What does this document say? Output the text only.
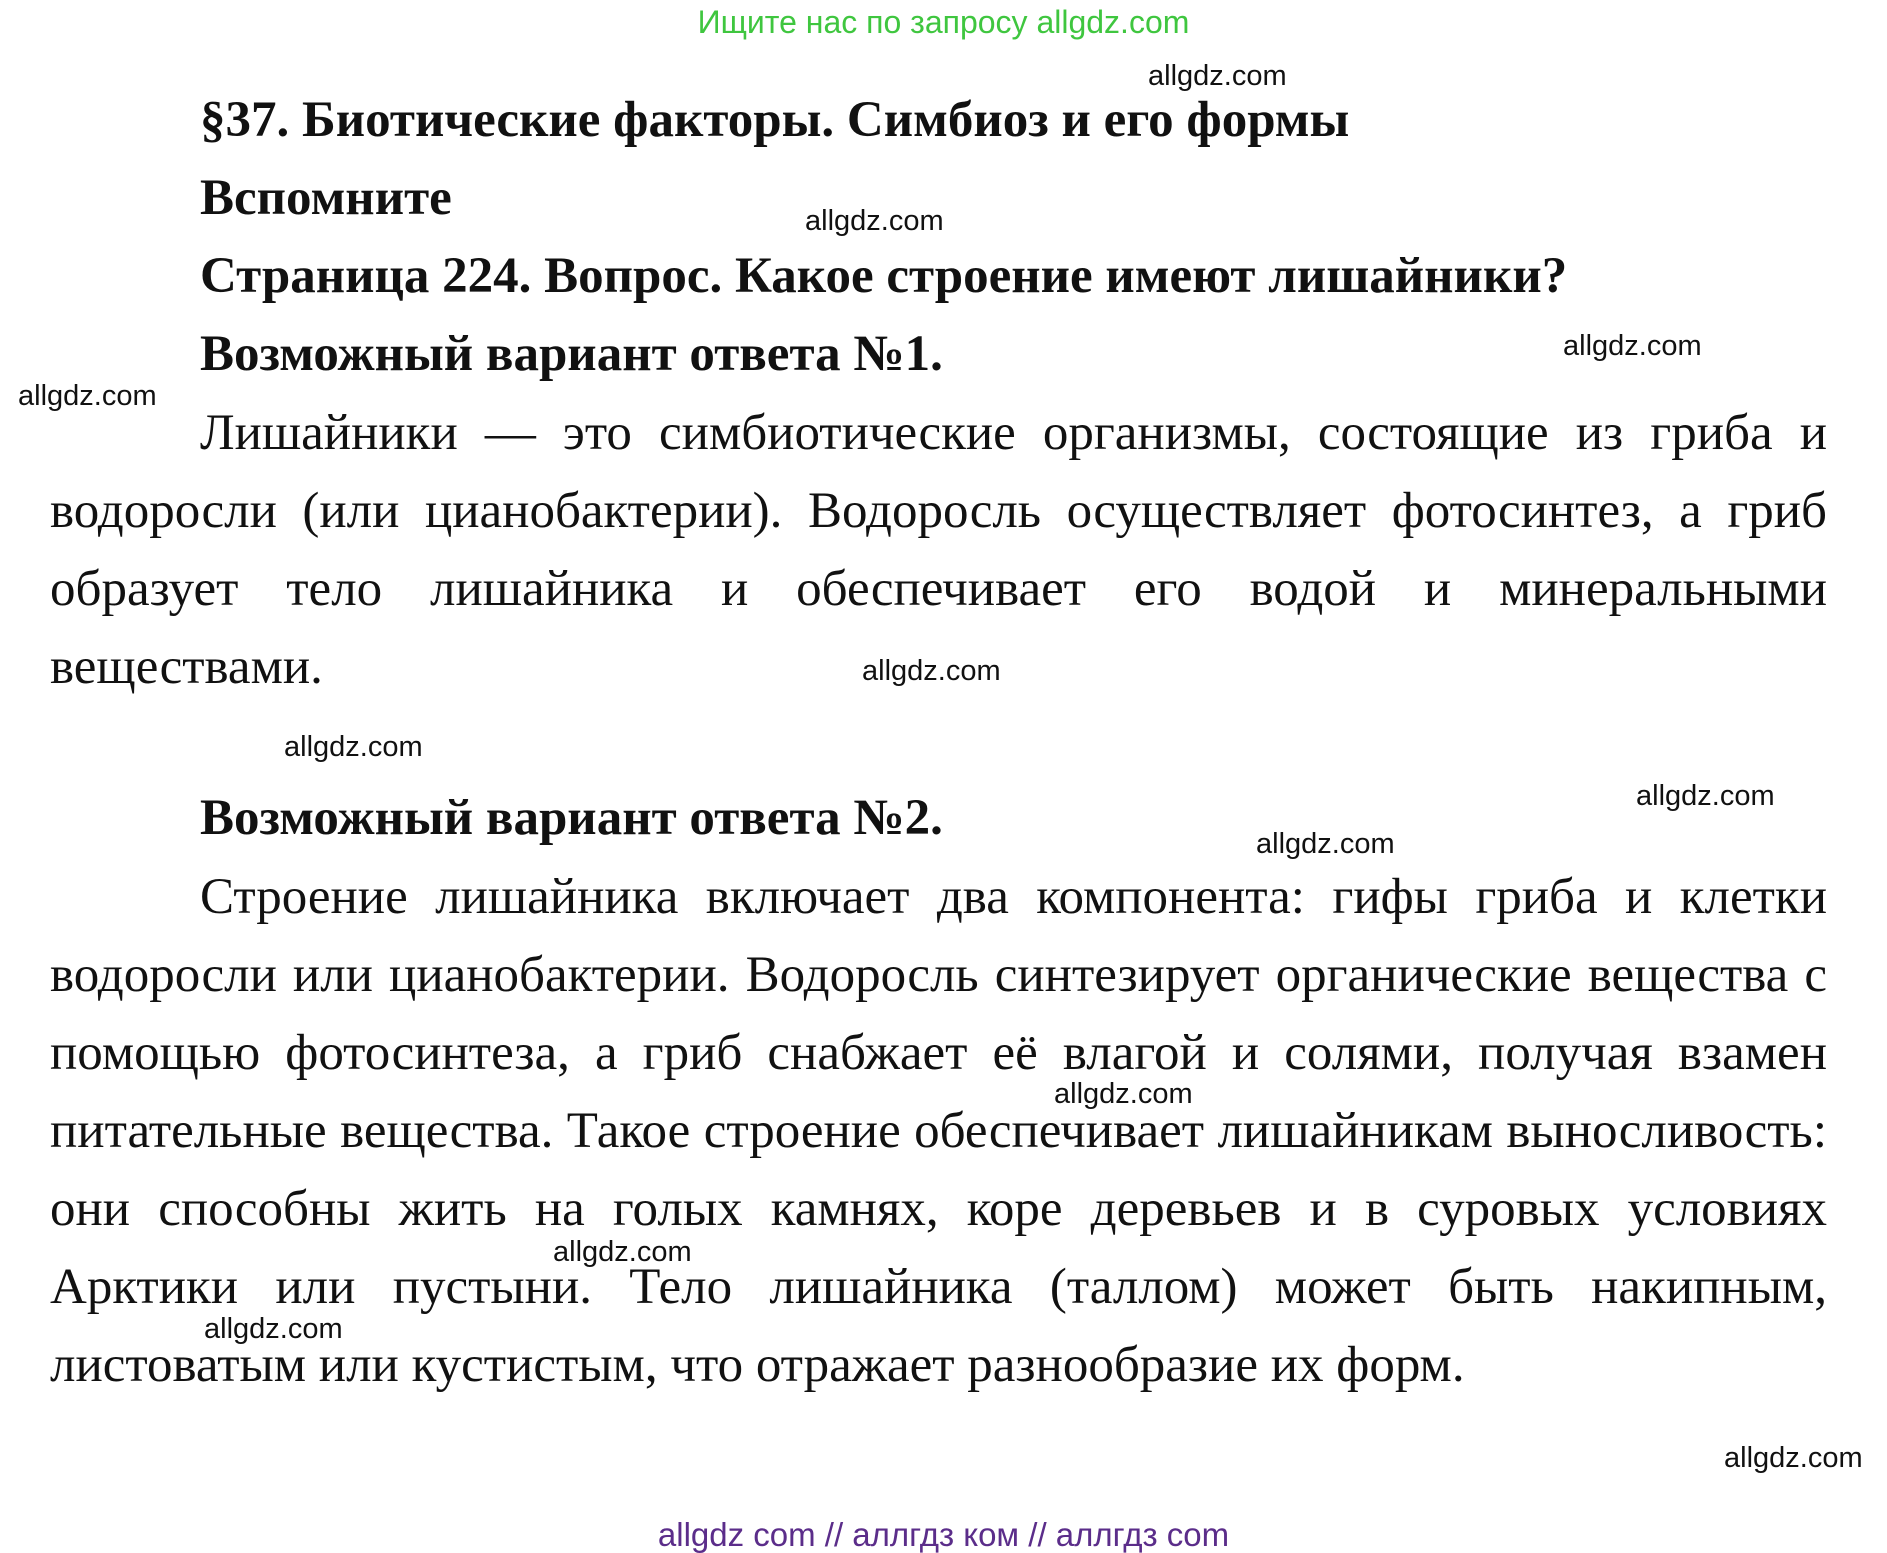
Ищите нас по запросу allgdz.com
§37. Биотические факторы. Симбиоз и его формы
Вспомните
Страница 224. Вопрос. Какое строение имеют лишайники?
Возможный вариант ответа №1.
Лишайники — это симбиотические организмы, состоящие из гриба и водоросли (или цианобактерии). Водоросль осуществляет фотосинтез, а гриб образует тело лишайника и обеспечивает его водой и минеральными веществами.
Возможный вариант ответа №2.
Строение лишайника включает два компонента: гифы гриба и клетки водоросли или цианобактерии. Водоросль синтезирует органические вещества с помощью фотосинтеза, а гриб снабжает её влагой и солями, получая взамен питательные вещества. Такое строение обеспечивает лишайникам выносливость: они способны жить на голых камнях, коре деревьев и в суровых условиях Арктики или пустыни. Тело лишайника (таллом) может быть накипным, листоватым или кустистым, что отражает разнообразие их форм.
allgdz.com
allgdz.com
allgdz.com
allgdz.com
allgdz.com
allgdz.com
allgdz.com
allgdz.com
allgdz.com
allgdz.com
allgdz.com
allgdz.com
allgdz com // аллгдз ком // аллгдз com
